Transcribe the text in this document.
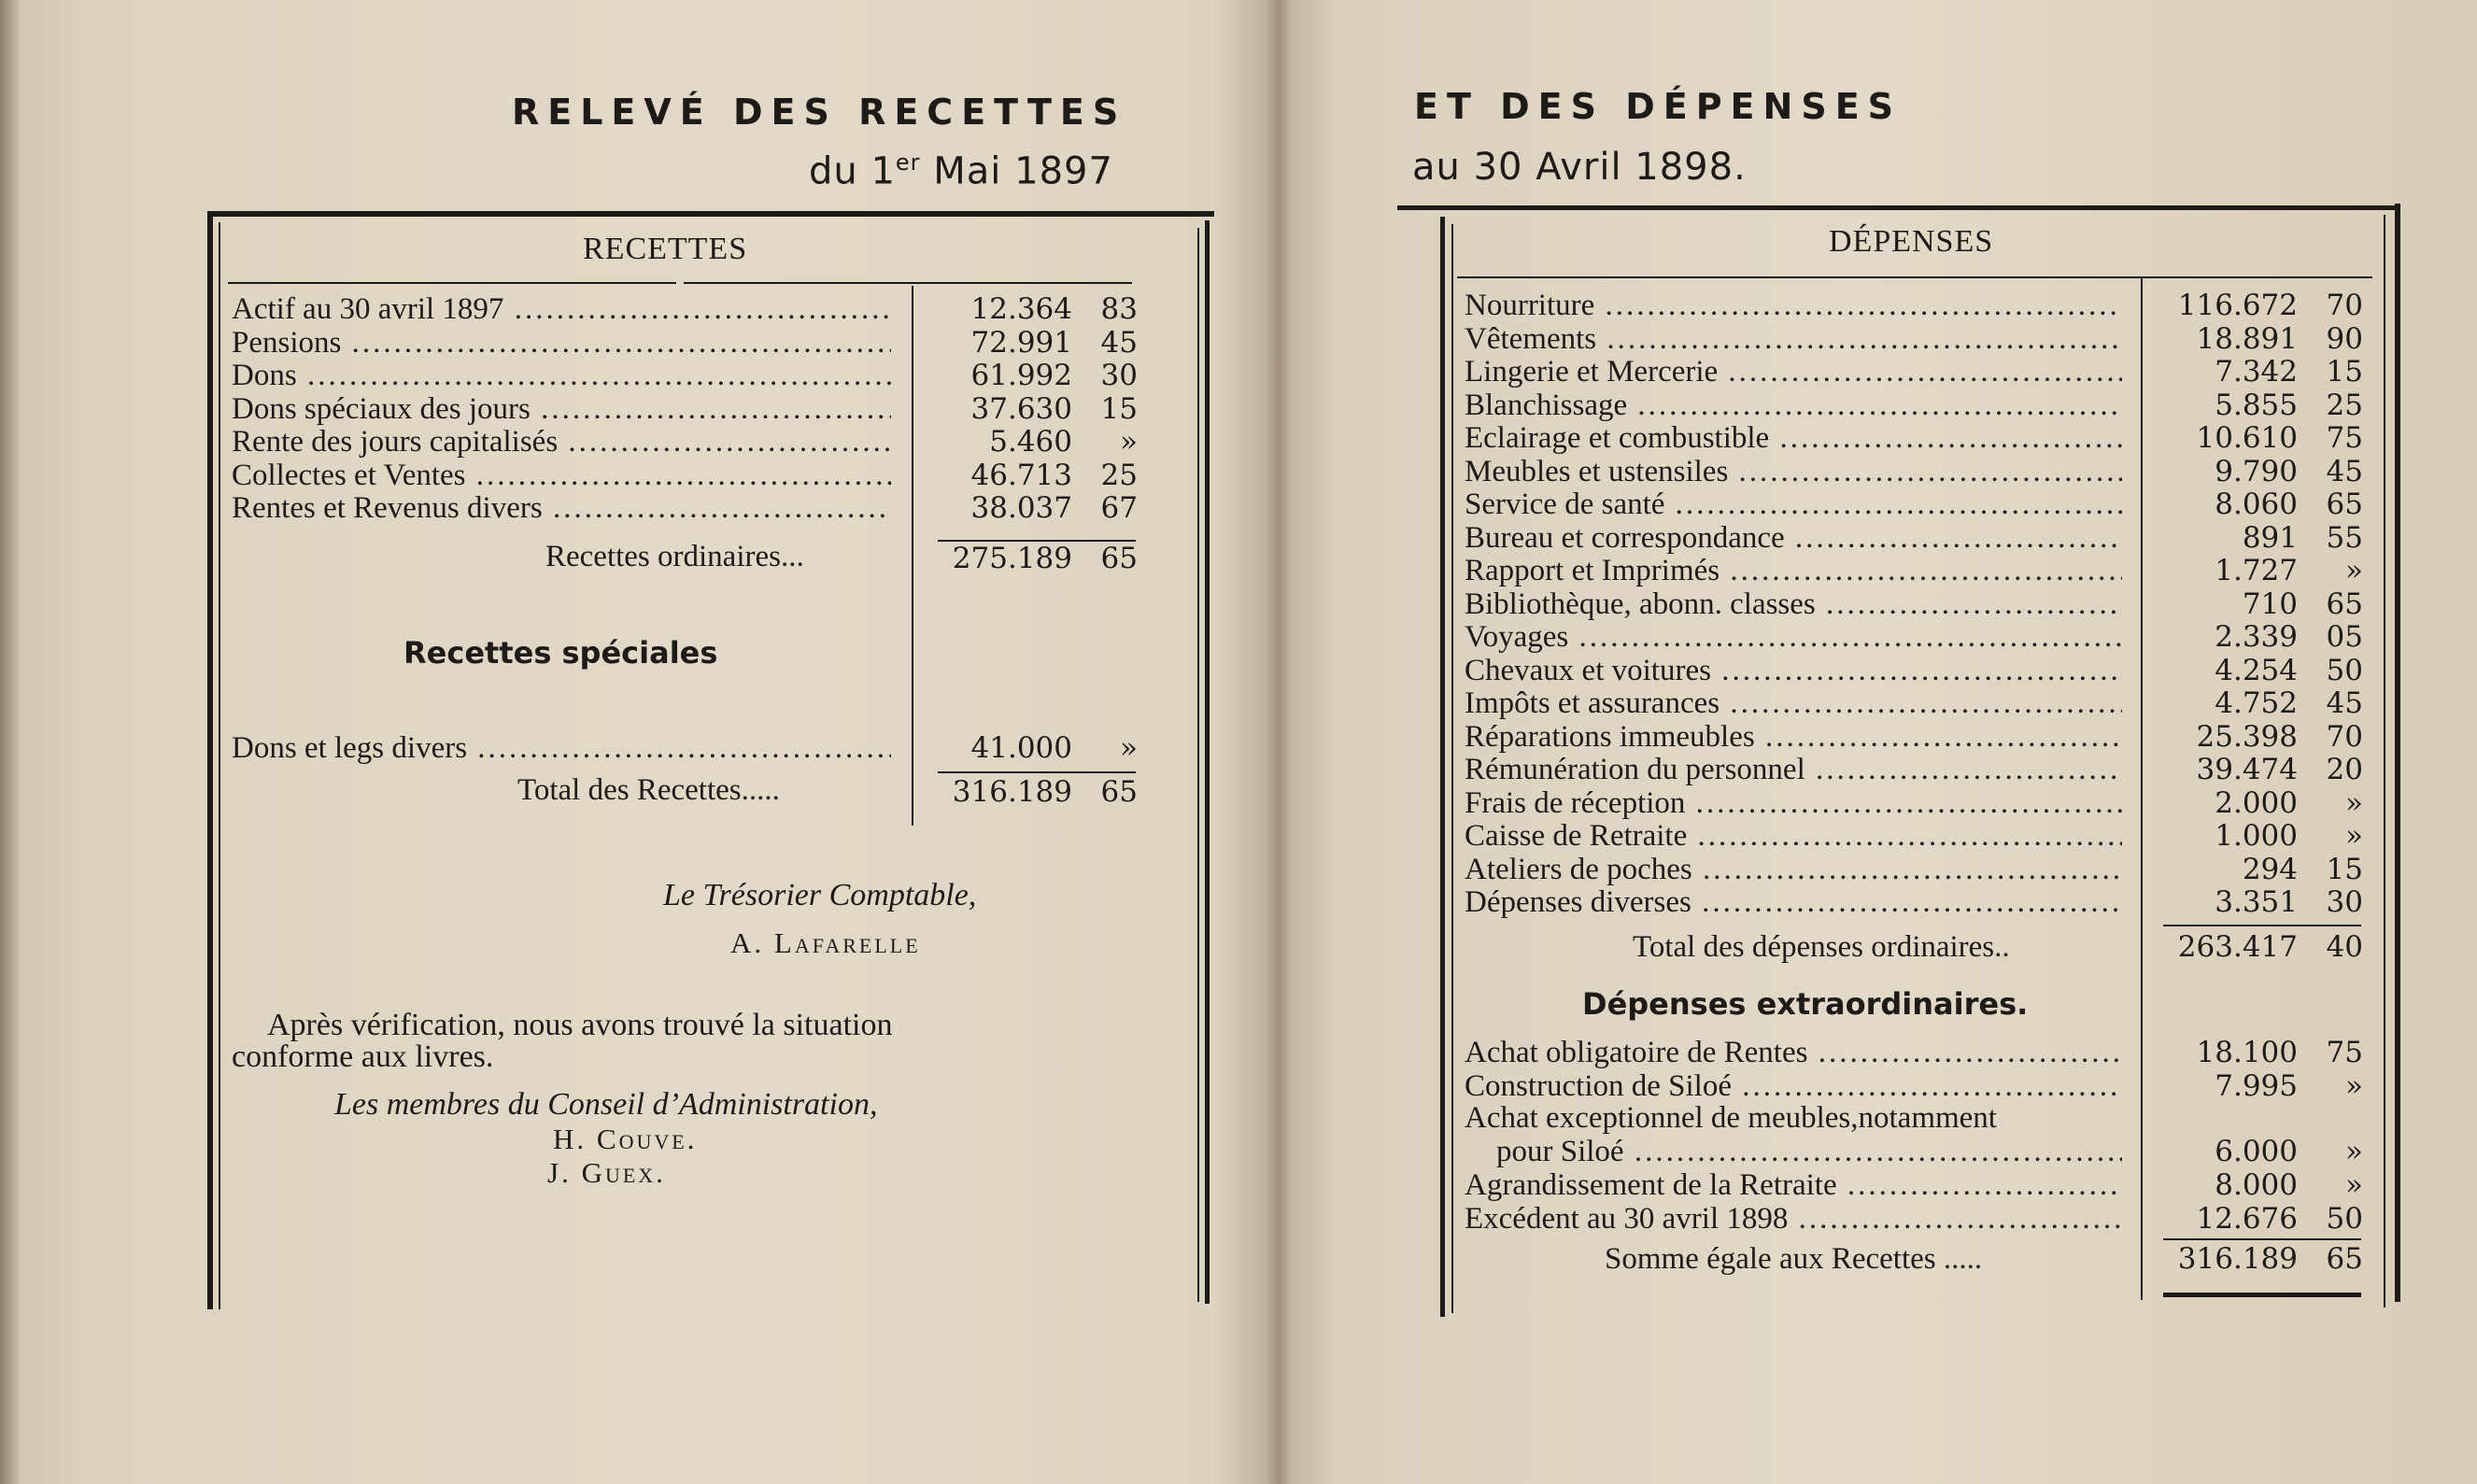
RELEVÉ DES RECETTES
du 1er Mai 1897
RECETTES
Actif au 30 avril 1897 .....	12.364 83
Pensions .....	72.991 45
Dons .....	61.992 30
Dons spéciaux des jours .....	37.630 15
Rente des jours capitalisés .....	5.460	»
Collectes et Ventes .....	46.713 25
Rentes et Revenus divers .....	38.037 67
Recettes ordinaires...	275.189 65
Recettes spéciales
Dons et legs divers .....	41.000	»
Total des Recettes.....	316.189 65
Le Trésorier Comptable,
A. Lafarelle
Après vérification, nous avons trouvé la situation
conforme aux livres.
Les membres du Conseil d’Administration,
H. Couve.
J. Guex.
ET DES DÉPENSES
au 30 Avril 1898.
DÉPENSES
Nourriture .....	116.672 70
Vêtements .....	18.891 90
Lingerie et Mercerie .....	7.342 15
Blanchissage .....	5.855 25
Eclairage et combustible .....	10.610 75
Meubles et ustensiles .....	9.790 45
Service de santé .....	8.060 65
Bureau et correspondance .....	891 55
Rapport et Imprimés .....	1.727	»
Bibliothèque, abonn. classes .....	710 65
Voyages .....	2.339 05
Chevaux et voitures .....	4.254 50
Impôts et assurances .....	4.752 45
Réparations immeubles .....	25.398 70
Rémunération du personnel .....	39.474 20
Frais de réception .....	2.000	»
Caisse de Retraite .....	1.000	»
Ateliers de poches .....	294 15
Dépenses diverses .....	3.351 30
Total des dépenses ordinaires..	263.417 40
Dépenses extraordinaires.
Achat obligatoire de Rentes .....	18.100 75
Construction de Siloé .....	7.995	»
Achat exceptionnel de meubles,notamment
pour Siloé .....	6.000	»
Agrandissement de la Retraite .....	8.000	»
Excédent au 30 avril 1898 .....	12.676 50
Somme égale aux Recettes .....	316.189 65
